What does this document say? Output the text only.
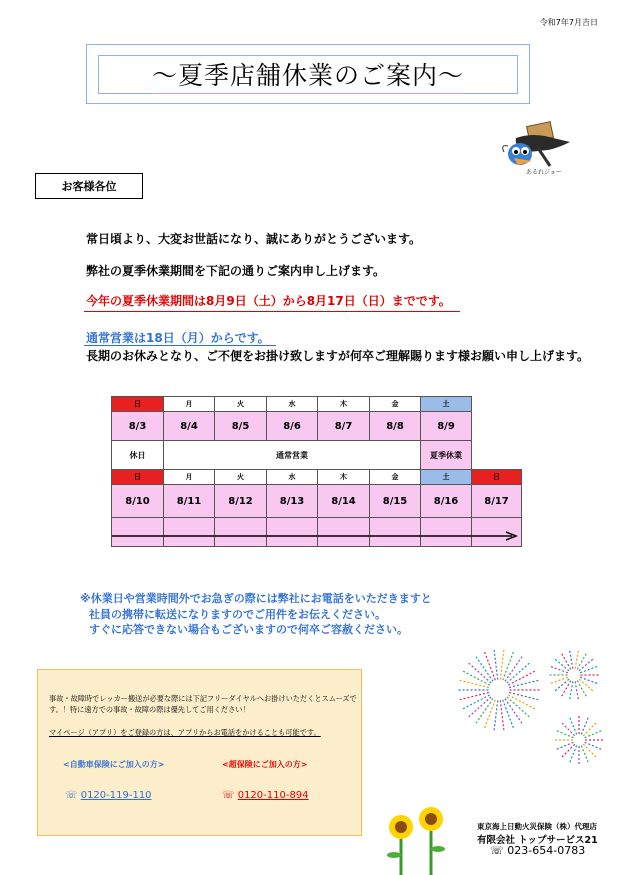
令和7年7月吉日
～夏季店舗休業のご案内～
あるれジョー
お客様各位
常日頃より、大変お世話になり、誠にありがとうございます。
弊社の夏季休業期間を下記の通りご案内申し上げます。
今年の夏季休業期間は8月9日（土）から8月17日（日）までです。
通常営業は18日（月）からです。
長期のお休みとなり、ご不便をお掛け致しますが何卒ご理解賜ります様お願い申し上げます。
日	月	火	水	木	金	土	
8/3	8/4	8/5	8/6	8/7	8/8	8/9	
休日	通常営業					夏季休業	
日	月	火	水	木	金	土	日
8/10	8/11	8/12	8/13	8/14	8/15	8/16	8/17

※休業日や営業時間外でお急ぎの際には弊社にお電話をいただきますと
社員の携帯に転送になりますのでご用件をお伝えください。
すぐに応答できない場合もございますので何卒ご容赦ください。
事故・故障時でレッカー搬送が必要な際には下記フリーダイヤルへお掛けいただくとスムーズです。！特に遠方での事故・故障の際は優先してご用ください！
マイページ（アプリ）をご登録の方は、アプリからお電話をかけることも可能です。
<自動車保険にご加入の方>	<超保険にご加入の方>
☏ 0120-119-110	☏ 0120-110-894
東京海上日動火災保険（株）代理店
有限会社 トップサービス21
☏ 023-654-0783
